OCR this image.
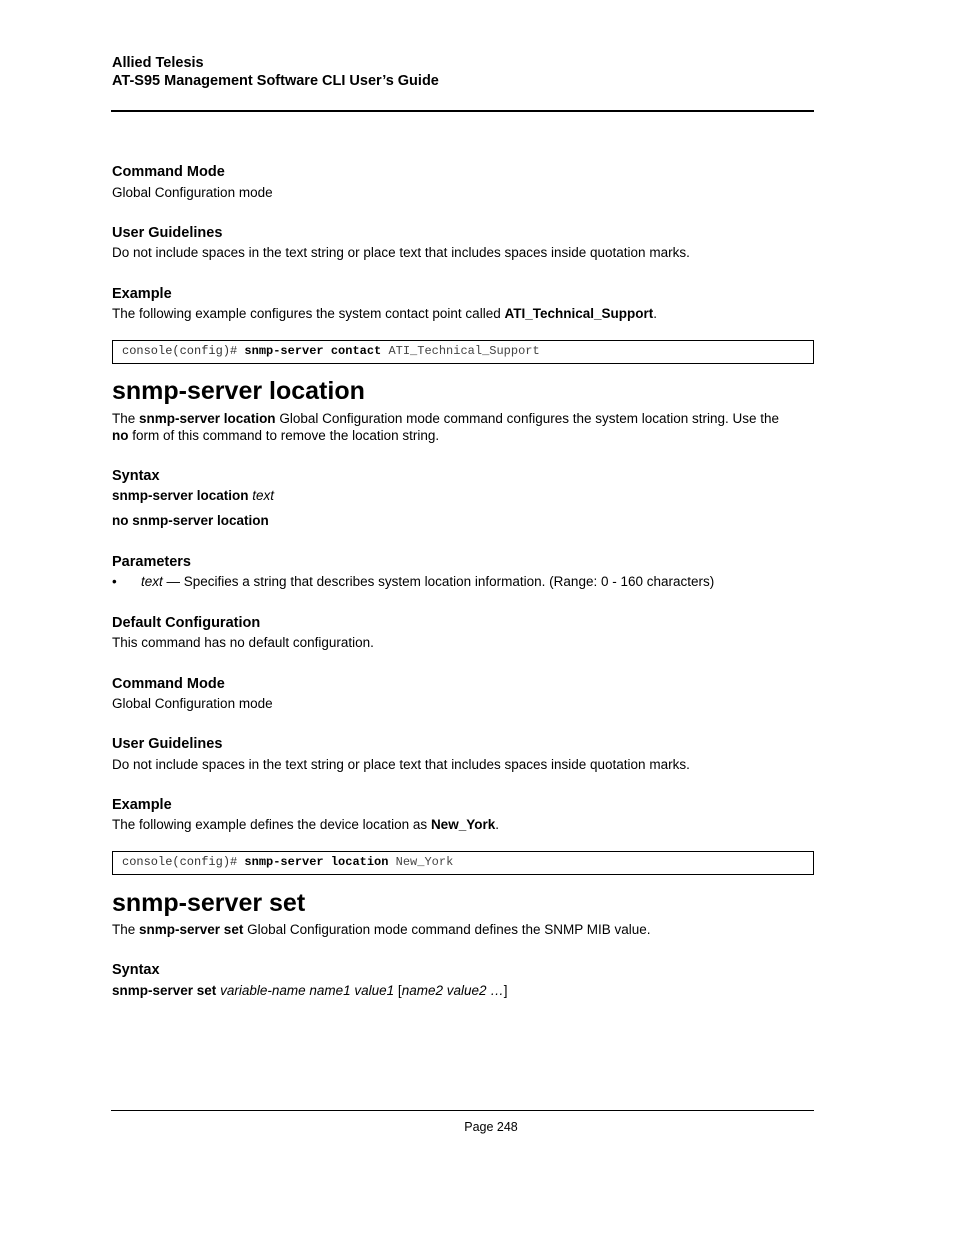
Allied Telesis
AT-S95 Management Software CLI User’s Guide
Command Mode
Global Configuration mode
User Guidelines
Do not include spaces in the text string or place text that includes spaces inside quotation marks.
Example
The following example configures the system contact point called ATI_Technical_Support.
console(config)# snmp-server contact ATI_Technical_Support
snmp-server location
The snmp-server location Global Configuration mode command configures the system location string. Use the
no form of this command to remove the location string.
Syntax
snmp-server location text
no snmp-server location
Parameters
• text — Specifies a string that describes system location information. (Range: 0 - 160 characters)
Default Configuration
This command has no default configuration.
Command Mode
Global Configuration mode
User Guidelines
Do not include spaces in the text string or place text that includes spaces inside quotation marks.
Example
The following example defines the device location as New_York.
console(config)# snmp-server location New_York
snmp-server set
The snmp-server set Global Configuration mode command defines the SNMP MIB value.
Syntax
snmp-server set variable-name name1 value1 [name2 value2 …]
Page 248
